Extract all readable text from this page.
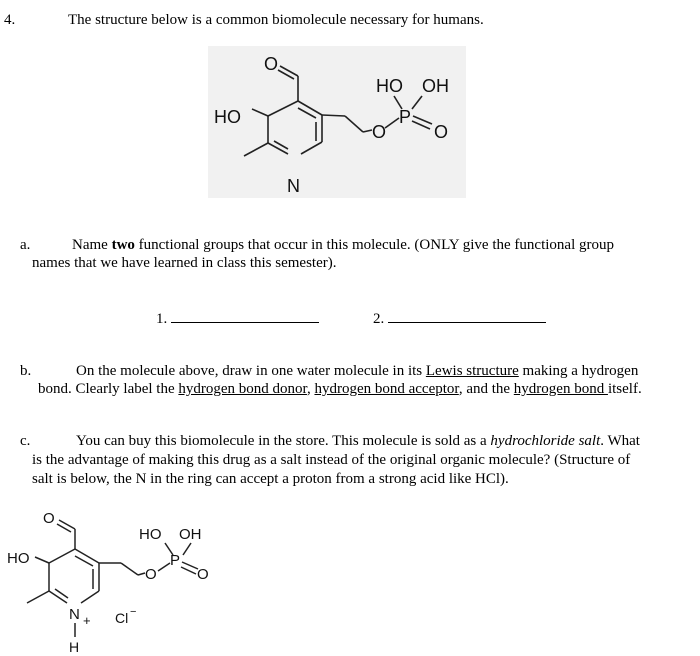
4.	The structure below is a common biomolecule necessary for humans.
HO
O
N
O
P
O
HO OH
a.	Name two functional groups that occur in this molecule. (ONLY give the functional group
names that we have learned in class this semester).
1.	2.
b.	On the molecule above, draw in one water molecule in its Lewis structure making a hydrogen
bond. Clearly label the hydrogen bond donor, hydrogen bond acceptor, and the hydrogen bond itself.
c.	You can buy this biomolecule in the store. This molecule is sold as a hydrochloride salt. What
is the advantage of making this drug as a salt instead of the original organic molecule? (Structure of
salt is below, the N in the ring can accept a proton from a strong acid like HCl).
HO
O
N + Cl −
H
O
P
O
HO OH
